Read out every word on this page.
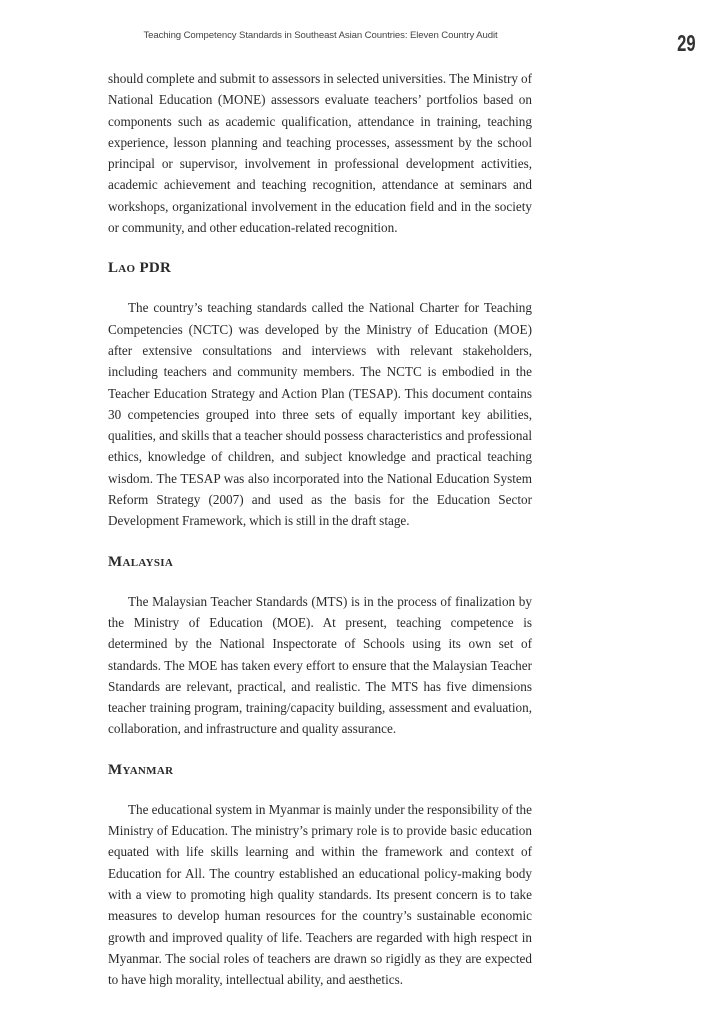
Teaching Competency Standards in Southeast Asian Countries: Eleven Country Audit	29

should complete and submit to assessors in selected universities. The Ministry of National Education (MONE) assessors evaluate teachers’ portfolios based on components such as academic qualification, attendance in training, teaching experience, lesson planning and teaching processes, assessment by the school principal or supervisor, involvement in professional development activities, academic achievement and teaching recognition, attendance at seminars and workshops, organizational involvement in the education field and in the society or community, and other education-related recognition.

Lao PDR

The country’s teaching standards called the National Charter for Teaching Competencies (NCTC) was developed by the Ministry of Education (MOE) after extensive consultations and interviews with relevant stakeholders, including teachers and community members. The NCTC is embodied in the Teacher Education Strategy and Action Plan (TESAP). This document contains 30 competencies grouped into three sets of equally important key abilities, qualities, and skills that a teacher should possess characteristics and professional ethics, knowledge of children, and subject knowledge and practical teaching wisdom. The TESAP was also incorporated into the National Education System Reform Strategy (2007) and used as the basis for the Education Sector Development Framework, which is still in the draft stage.

Malaysia

The Malaysian Teacher Standards (MTS) is in the process of finalization by the Ministry of Education (MOE). At present, teaching competence is determined by the National Inspectorate of Schools using its own set of standards. The MOE has taken every effort to ensure that the Malaysian Teacher Standards are relevant, practical, and realistic. The MTS has five dimensions teacher training program, training/capacity building, assessment and evaluation, collaboration, and infrastructure and quality assurance.

Myanmar

The educational system in Myanmar is mainly under the responsibility of the Ministry of Education. The ministry’s primary role is to provide basic education equated with life skills learning and within the framework and context of Education for All. The country established an educational policy-making body with a view to promoting high quality standards. Its present concern is to take measures to develop human resources for the country’s sustainable economic growth and improved quality of life. Teachers are regarded with high respect in Myanmar. The social roles of teachers are drawn so rigidly as they are expected to have high morality, intellectual ability, and aesthetics.
